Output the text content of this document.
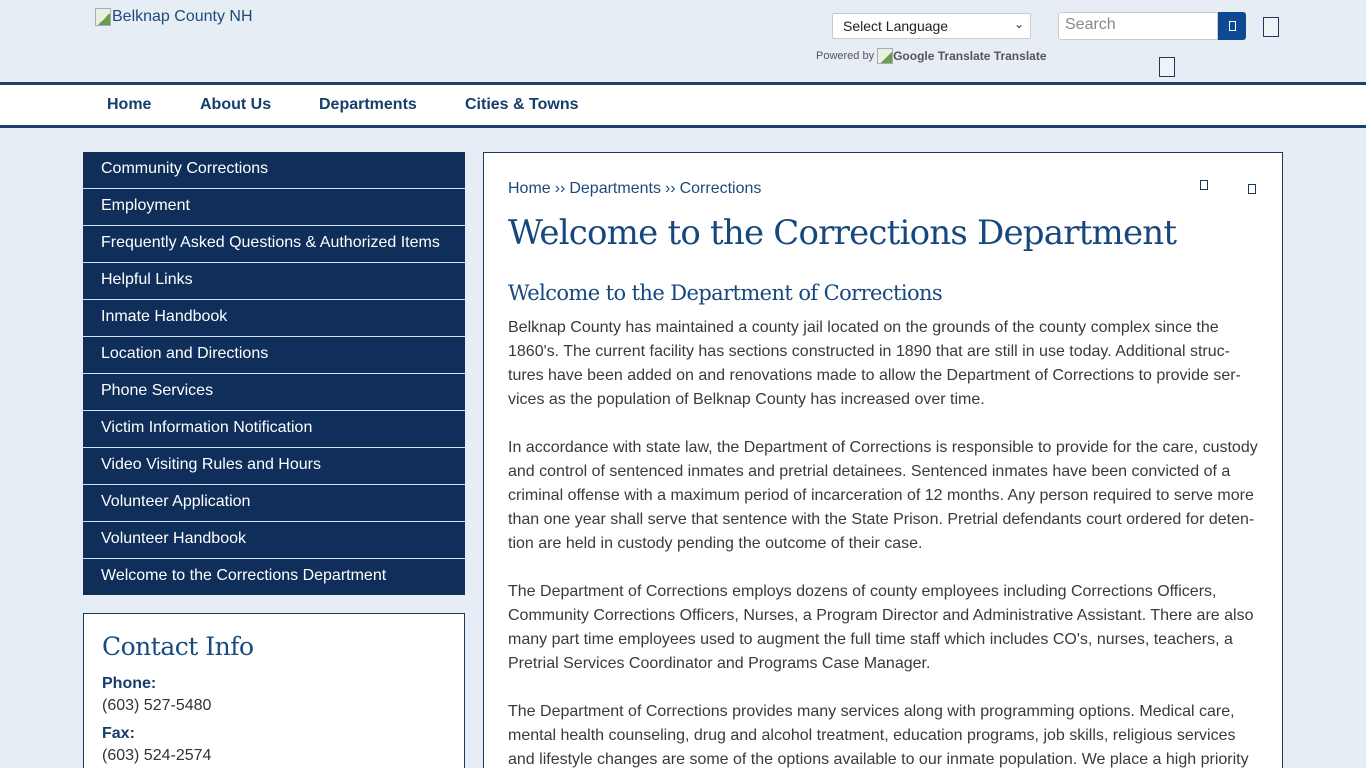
Belknap County NH
Select Language	⌄
Powered by Google Translate
Translate
Search
Home	About Us	Departments	Cities & Towns
Community Corrections
Employment
Frequently Asked Questions & Authorized Items
Helpful Links
Inmate Handbook
Location and Directions
Phone Services
Victim Information Notification
Video Visiting Rules and Hours
Volunteer Application
Volunteer Handbook
Welcome to the Corrections Department
Contact Info
Phone:
(603) 527-5480
Fax:
(603) 524-2574
Home ›› Departments ›› Corrections
Welcome to the Corrections Department
Welcome to the Department of Corrections

Belknap County has maintained a county jail located on the grounds of the county complex since the 1860's. The current facility has sections constructed in 1890 that are still in use today. Additional structures have been added on and renovations made to allow the Department of Corrections to provide services as the population of Belknap County has increased over time.

In accordance with state law, the Department of Corrections is responsible to provide for the care, custody and control of sentenced inmates and pretrial detainees. Sentenced inmates have been convicted of a criminal offense with a maximum period of incarceration of 12 months. Any person required to serve more than one year shall serve that sentence with the State Prison. Pretrial defendants court ordered for detention are held in custody pending the outcome of their case.

The Department of Corrections employs dozens of county employees including Corrections Officers, Community Corrections Officers, Nurses, a Program Director and Administrative Assistant. There are also many part time employees used to augment the full time staff which includes CO's, nurses, teachers, a Pretrial Services Coordinator and Programs Case Manager.

The Department of Corrections provides many services along with programming options. Medical care, mental health counseling, drug and alcohol treatment, education programs, job skills, religious services and lifestyle changes are some of the options available to our inmate population. We place a high priority
